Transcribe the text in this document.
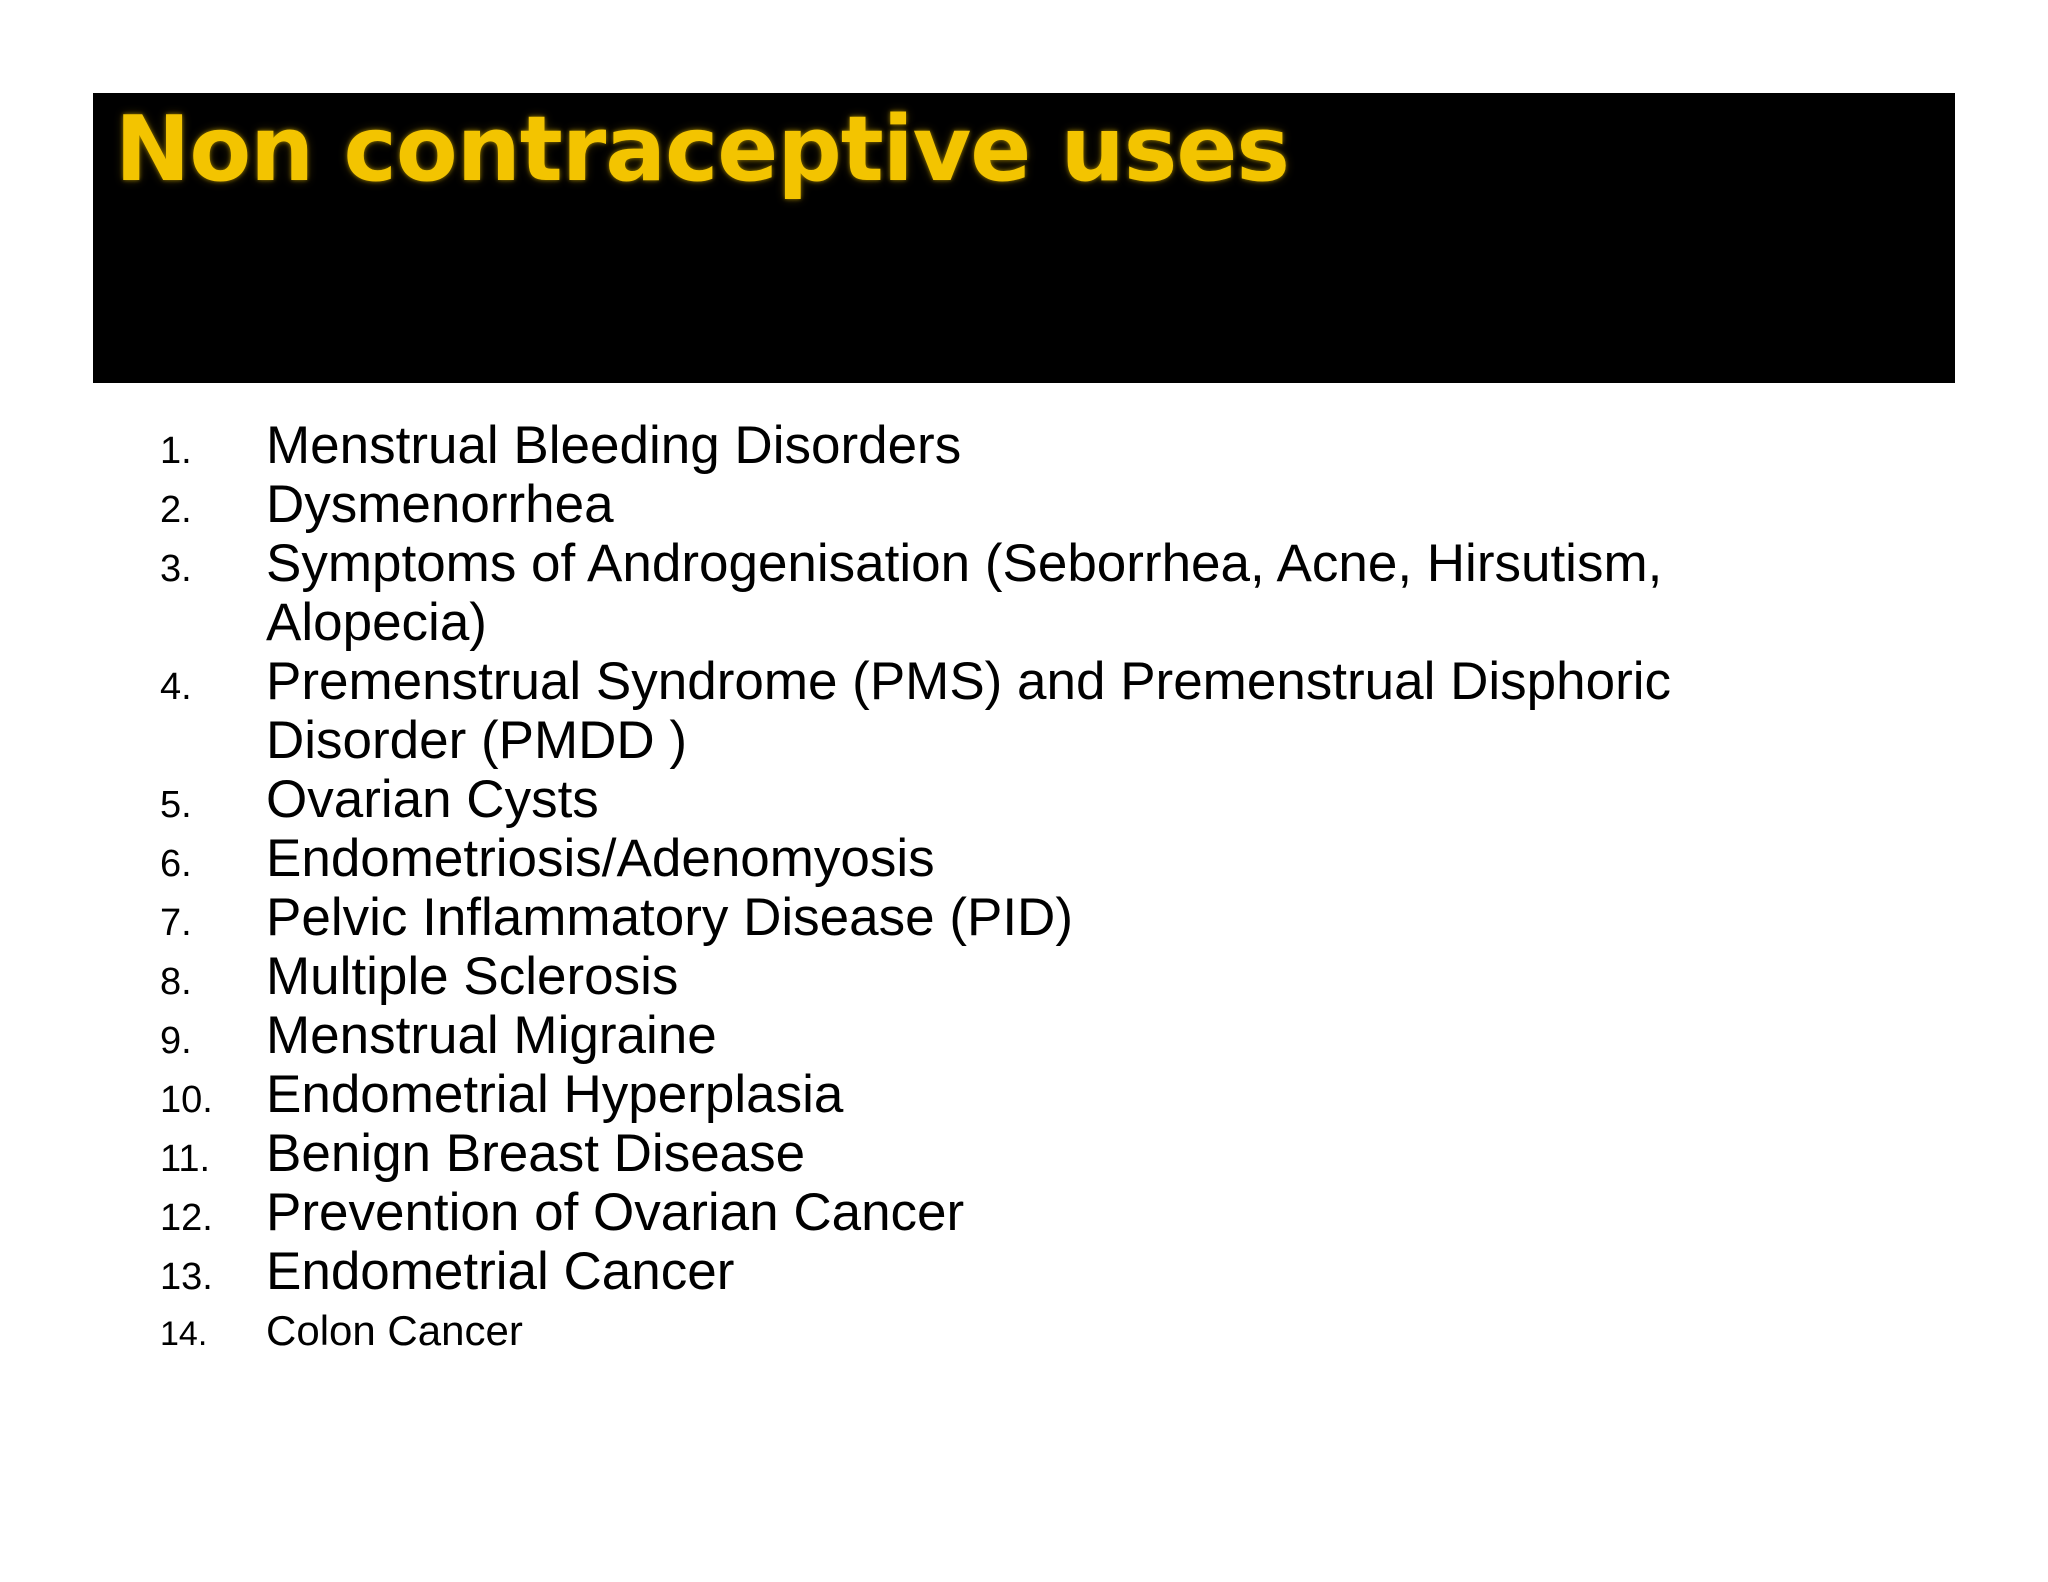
Non contraceptive uses
1.	Menstrual Bleeding Disorders
2.	Dysmenorrhea
3.	Symptoms of Androgenisation (Seborrhea, Acne, Hirsutism, Alopecia)
4.	Premenstrual Syndrome (PMS) and Premenstrual Disphoric Disorder (PMDD )
5.	Ovarian Cysts
6.	Endometriosis/Adenomyosis
7.	Pelvic Inflammatory Disease (PID)
8.	Multiple Sclerosis
9.	Menstrual Migraine
10.	Endometrial Hyperplasia
11.	Benign Breast Disease
12.	Prevention of Ovarian Cancer
13.	Endometrial Cancer
14.	Colon Cancer
